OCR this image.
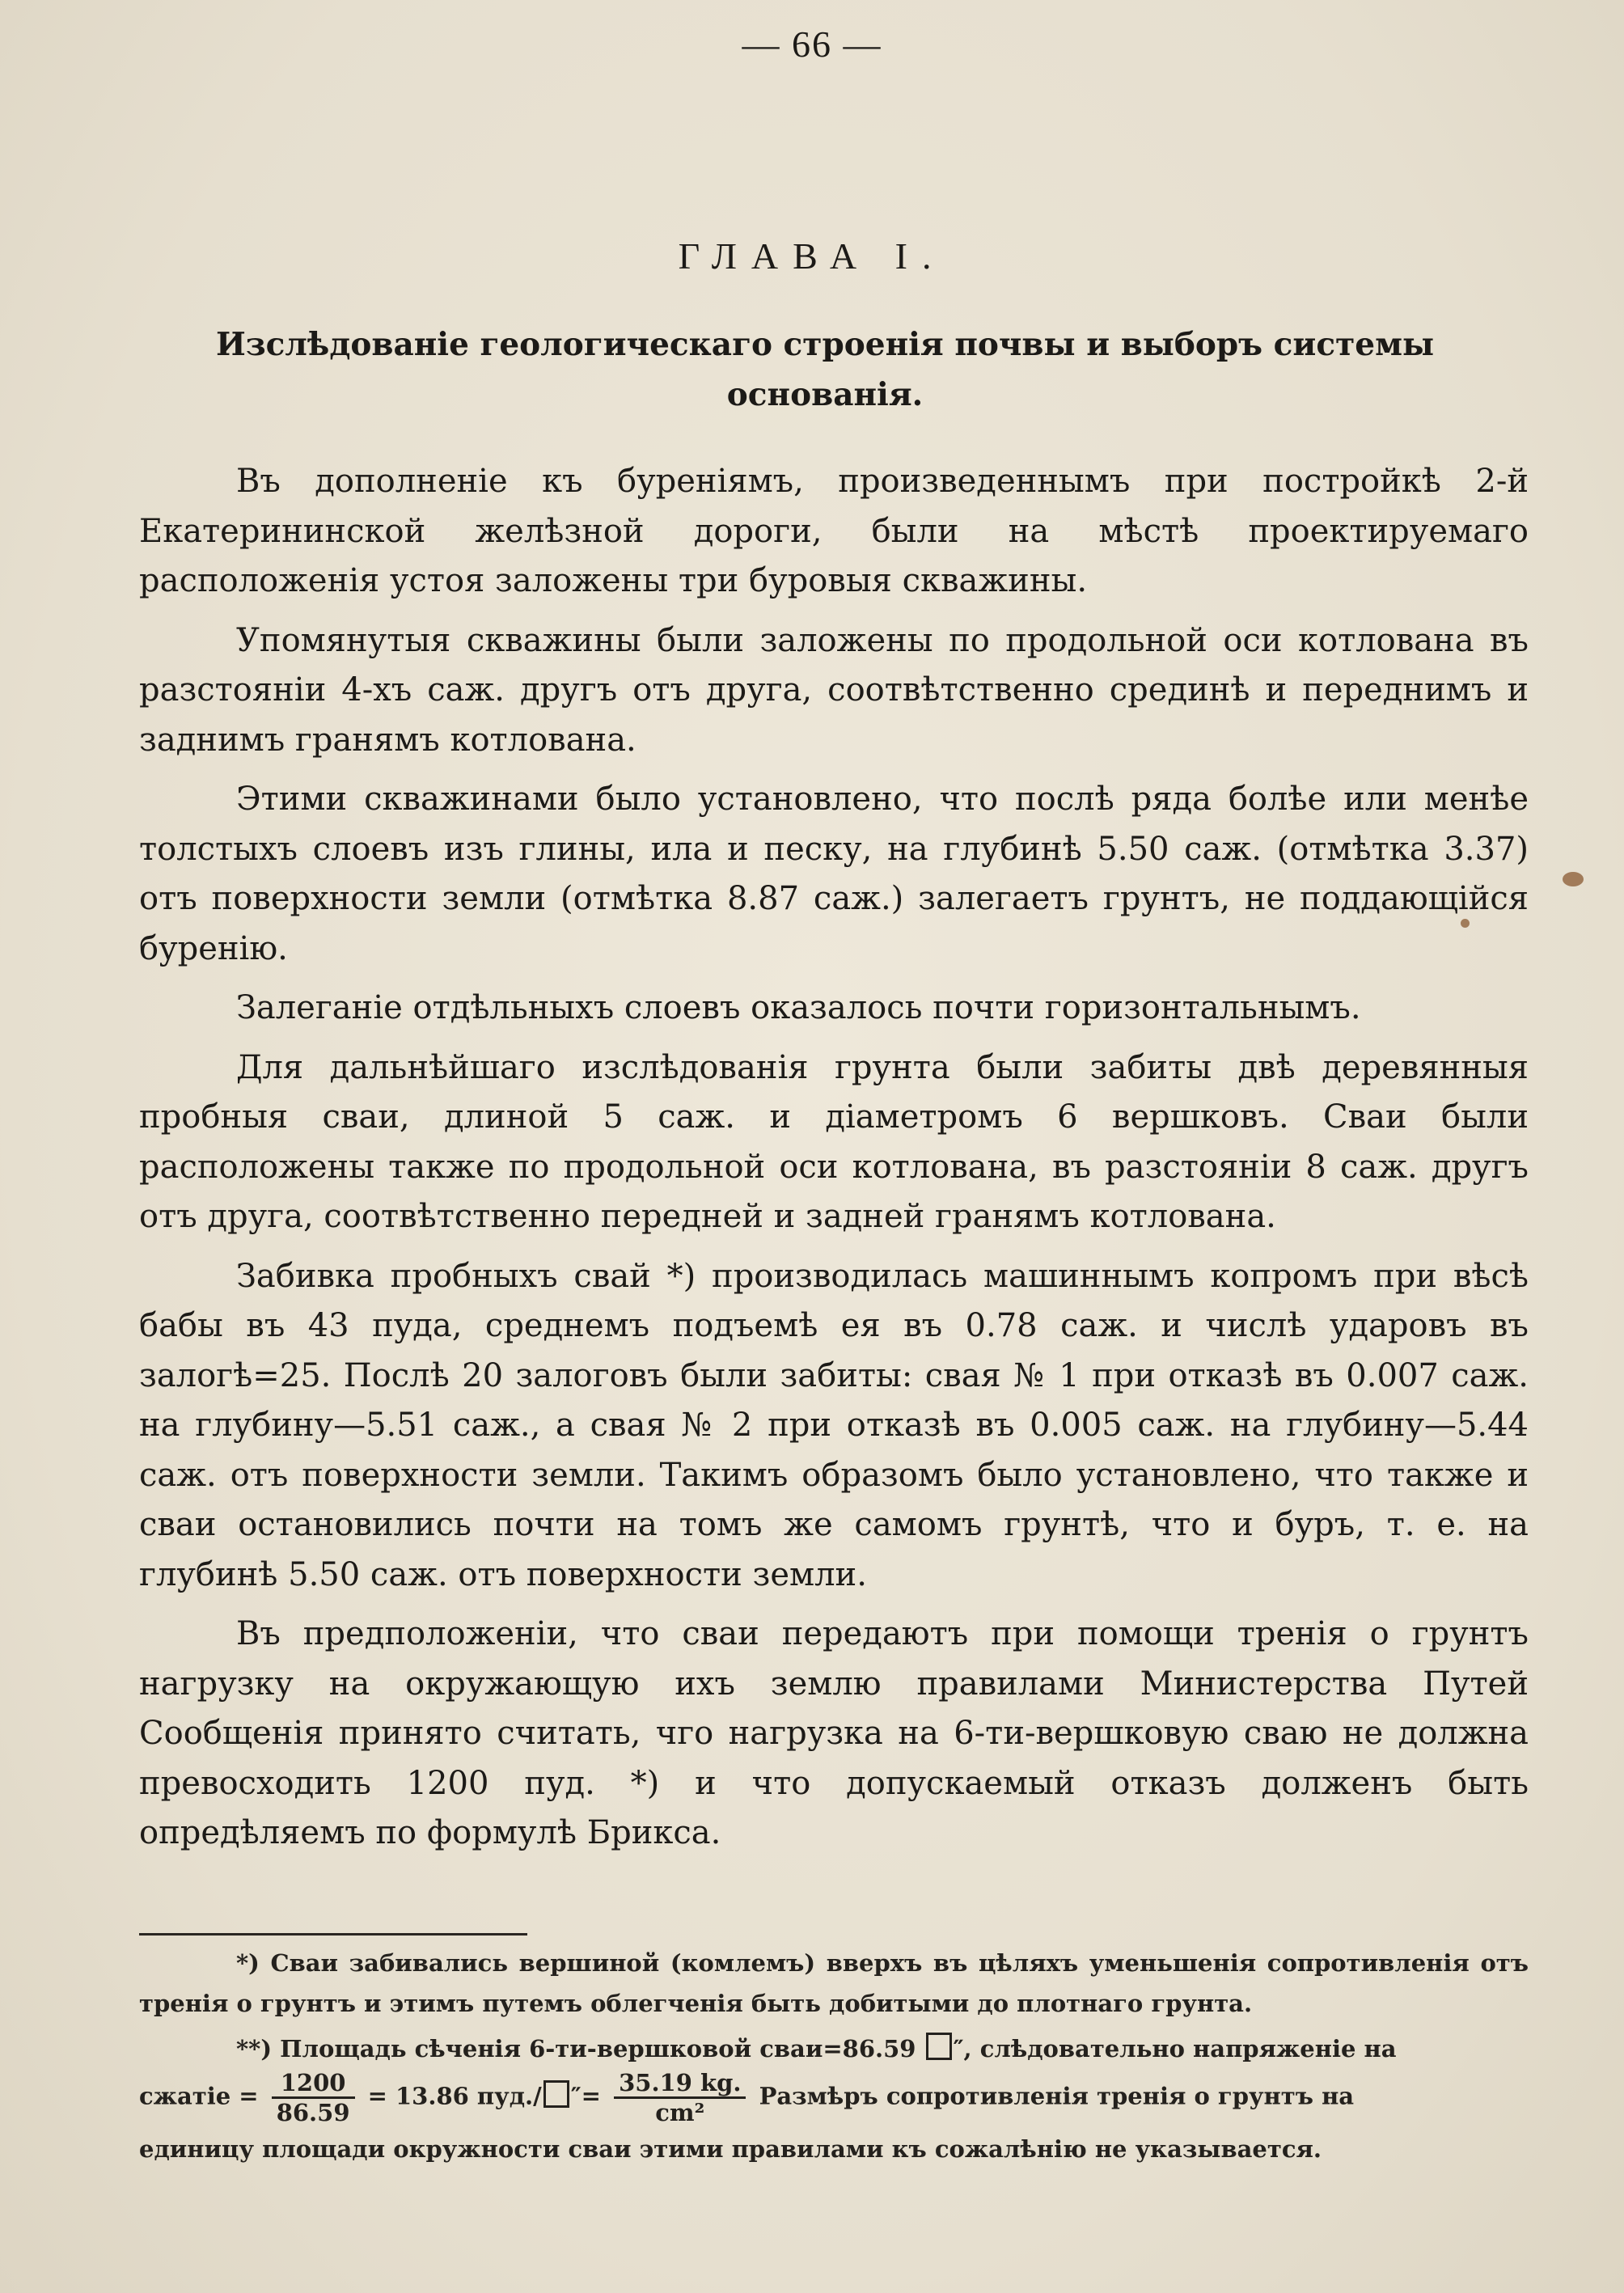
— 66 —
ГЛАВА I.
Изслѣдованіе геологическаго строенія почвы и выборъ системы основанія.

Въ дополненіе къ буреніямъ, произведеннымъ при постройкѣ 2-й Екатерининской желѣзной дороги, были на мѣстѣ проектируемаго расположенія устоя заложены три буровыя скважины.

Упомянутыя скважины были заложены по продольной оси котлована въ разстояніи 4-хъ саж. другъ отъ друга, соотвѣтственно срединѣ и переднимъ и заднимъ гранямъ котлована.

Этими скважинами было установлено, что послѣ ряда болѣе или менѣе толстыхъ слоевъ изъ глины, ила и песку, на глубинѣ 5.50 саж. (отмѣтка 3.37) отъ поверхности земли (отмѣтка 8.87 саж.) залегаетъ грунтъ, не поддающійся буренію.

Залеганіе отдѣльныхъ слоевъ оказалось почти горизонтальнымъ.

Для дальнѣйшаго изслѣдованія грунта были забиты двѣ деревянныя пробныя сваи, длиной 5 саж. и діаметромъ 6 вершковъ. Сваи были расположены также по продольной оси котлована, въ разстояніи 8 саж. другъ отъ друга, соотвѣтственно передней и задней гранямъ котлована.

Забивка пробныхъ свай *) производилась машиннымъ копромъ при вѣсѣ бабы въ 43 пуда, среднемъ подъемѣ ея въ 0.78 саж. и числѣ ударовъ въ залогѣ=25. Послѣ 20 залоговъ были забиты: свая № 1 при отказѣ въ 0.007 саж. на глубину—5.51 саж., а свая № 2 при отказѣ въ 0.005 саж. на глубину—5.44 саж. отъ поверхности земли. Такимъ образомъ было установлено, что также и сваи остановились почти на томъ же самомъ грунтѣ, что и буръ, т. е. на глубинѣ 5.50 саж. отъ поверхности земли.

Въ предположеніи, что сваи передаютъ при помощи тренія о грунтъ нагрузку на окружающую ихъ землю правилами Министерства Путей Сообщенія принято считать, чго нагрузка на 6-ти-вершковую сваю не должна превосходить 1200 пуд. *) и что допускаемый отказъ долженъ быть опредѣляемъ по формулѣ Брикса.

*) Сваи забивались вершиной (комлемъ) вверхъ въ цѣляхъ уменьшенія сопротивленія отъ тренія о грунтъ и этимъ путемъ облегченія быть добитыми до плотнаго грунта.

**) Площадь сѣченія 6-ти-вершковой сваи=86.59 ″, слѣдовательно напряженіе на

сжатіе = $\frac{1200}{86.59} = 13.86$ пуд./ ″= $\frac{35.19 kg.}{\text{cm²}}$ Размѣръ сопротивленія тренія о грунтъ на

единицу площади окружности сваи этими правилами къ сожалѣнію не указывается.
